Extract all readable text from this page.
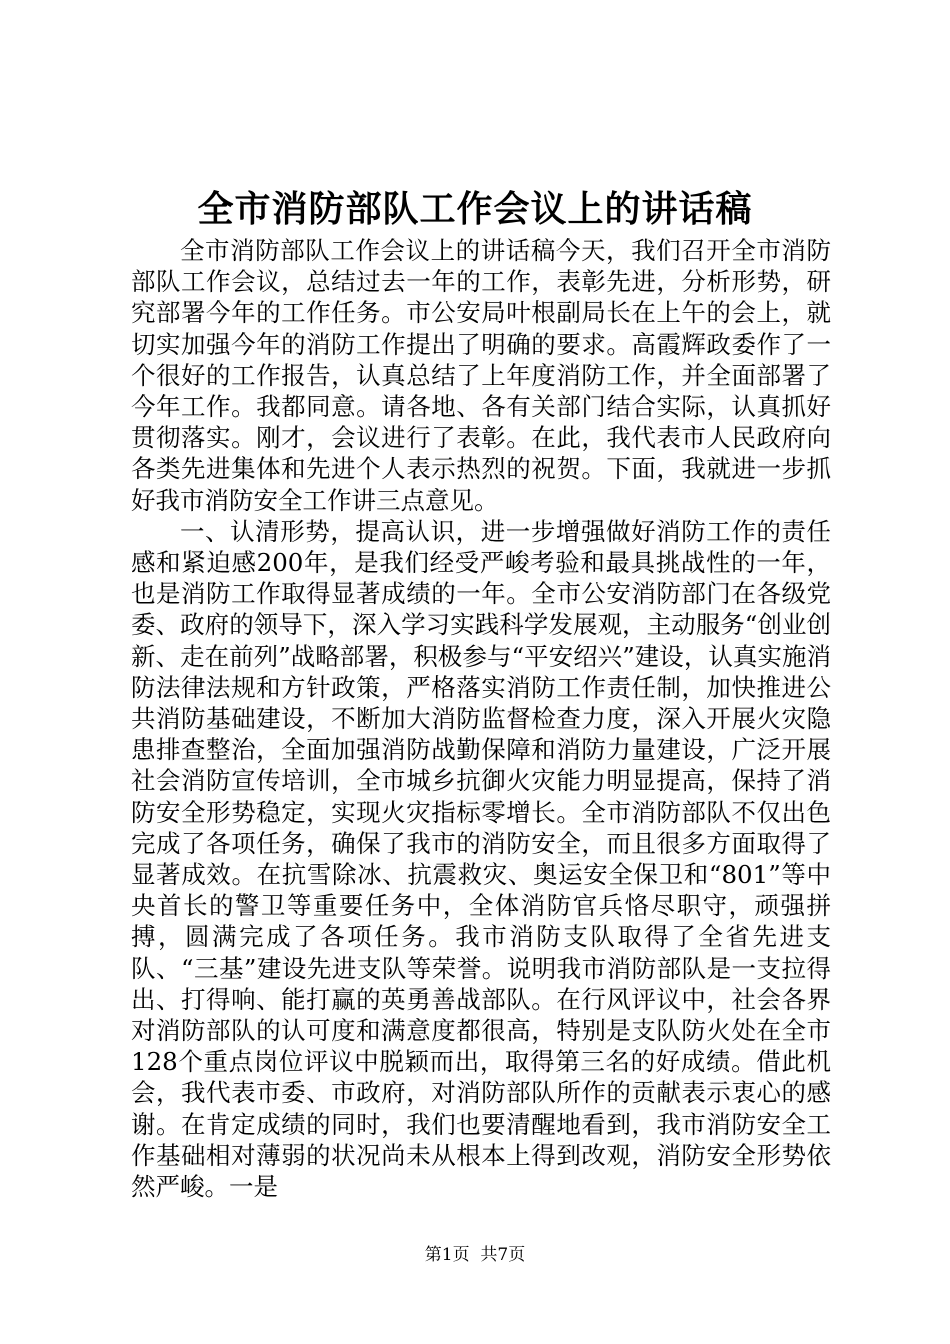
全市消防部队工作会议上的讲话稿

全市消防部队工作会议上的讲话稿今天，我们召开全市消防部队工作会议，总结过去一年的工作，表彰先进，分析形势，研究部署今年的工作任务。市公安局叶根副局长在上午的会上，就切实加强今年的消防工作提出了明确的要求。高霞辉政委作了一个很好的工作报告，认真总结了上年度消防工作，并全面部署了今年工作。我都同意。请各地、各有关部门结合实际，认真抓好贯彻落实。刚才，会议进行了表彰。在此，我代表市人民政府向各类先进集体和先进个人表示热烈的祝贺。下面，我就进一步抓好我市消防安全工作讲三点意见。

一、认清形势，提高认识，进一步增强做好消防工作的责任感和紧迫感200年，是我们经受严峻考验和最具挑战性的一年，也是消防工作取得显著成绩的一年。全市公安消防部门在各级党委、政府的领导下，深入学习实践科学发展观，主动服务“创业创新、走在前列”战略部署，积极参与“平安绍兴”建设，认真实施消防法律法规和方针政策，严格落实消防工作责任制，加快推进公共消防基础建设，不断加大消防监督检查力度，深入开展火灾隐患排查整治，全面加强消防战勤保障和消防力量建设，广泛开展社会消防宣传培训，全市城乡抗御火灾能力明显提高，保持了消防安全形势稳定，实现火灾指标零增长。全市消防部队不仅出色完成了各项任务，确保了我市的消防安全，而且很多方面取得了显著成效。在抗雪除冰、抗震救灾、奥运安全保卫和“801”等中央首长的警卫等重要任务中，全体消防官兵恪尽职守，顽强拼搏，圆满完成了各项任务。我市消防支队取得了全省先进支队、“三基”建设先进支队等荣誉。说明我市消防部队是一支拉得出、打得响、能打赢的英勇善战部队。在行风评议中，社会各界对消防部队的认可度和满意度都很高，特别是支队防火处在全市128个重点岗位评议中脱颖而出，取得第三名的好成绩。借此机会，我代表市委、市政府，对消防部队所作的贡献表示衷心的感谢。在肯定成绩的同时，我们也要清醒地看到，我市消防安全工作基础相对薄弱的状况尚未从根本上得到改观，消防安全形势依然严峻。一是

第1页  共7页
